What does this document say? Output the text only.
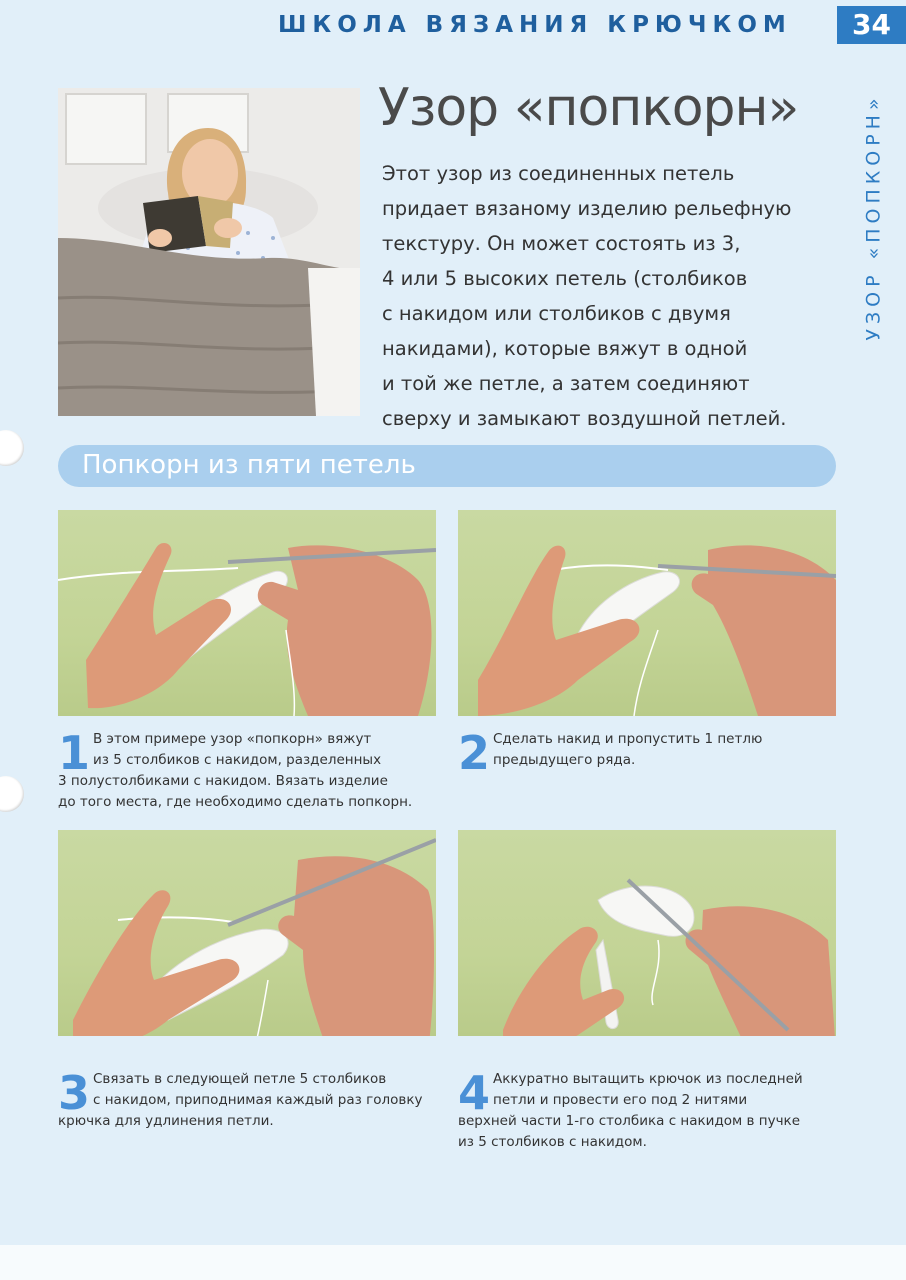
ШКОЛА ВЯЗАНИЯ КРЮЧКОМ	34
УЗОР «ПОПКОРН»
Узор «попкорн»
Этот узор из соединенных петель
придает вязаному изделию рельефную
текстуру. Он может состоять из 3,
4 или 5 высоких петель (столбиков
с накидом или столбиков с двумя
накидами), которые вяжут в одной
и той же петле, а затем соединяют
сверху и замыкают воздушной петлей.
Попкорн из пяти петель
1 В этом примере узор «попкорн» вяжут
из 5 столбиков с накидом, разделенных
3 полустолбиками с накидом. Вязать изделие
до того места, где необходимо сделать попкорн.
2 Сделать накид и пропустить 1 петлю
предыдущего ряда.
3 Связать в следующей петле 5 столбиков
с накидом, приподнимая каждый раз головку
крючка для удлинения петли.
4 Аккуратно вытащить крючок из последней
петли и провести его под 2 нитями
верхней части 1-го столбика с накидом в пучке
из 5 столбиков с накидом.
